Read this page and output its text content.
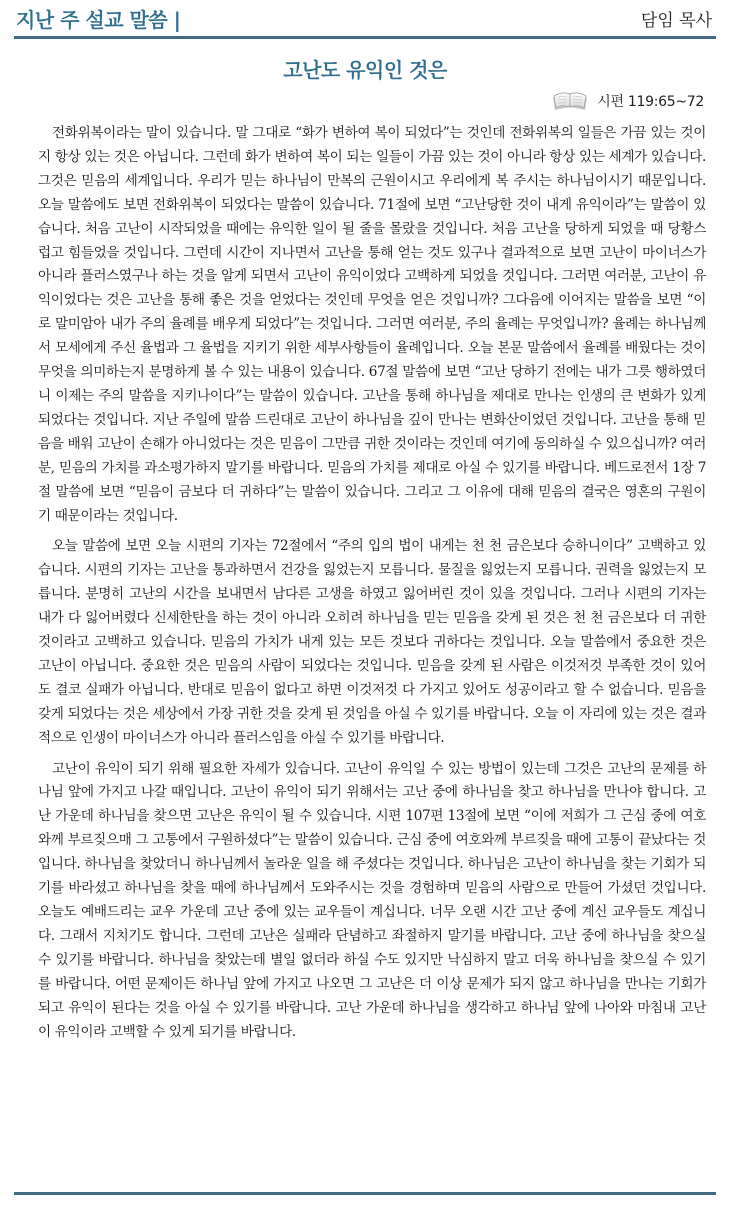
지난 주 설교 말씀 |	담임 목사
고난도 유익인 것은
시편 119:65~72

전화위복이라는 말이 있습니다. 말 그대로 “화가 변하여 복이 되었다”는 것인데 전화위복의 일들은 가끔 있는 것이지 항상 있는 것은 아닙니다. 그런데 화가 변하여 복이 되는 일들이 가끔 있는 것이 아니라 항상 있는 세계가 있습니다. 그것은 믿음의 세계입니다. 우리가 믿는 하나님이 만복의 근원이시고 우리에게 복 주시는 하나님이시기 때문입니다. 오늘 말씀에도 보면 전화위복이 되었다는 말씀이 있습니다. 71절에 보면 “고난당한 것이 내게 유익이라”는 말씀이 있습니다. 처음 고난이 시작되었을 때에는 유익한 일이 될 줄을 몰랐을 것입니다. 처음 고난을 당하게 되었을 때 당황스럽고 힘들었을 것입니다. 그런데 시간이 지나면서 고난을 통해 얻는 것도 있구나 결과적으로 보면 고난이 마이너스가 아니라 플러스였구나 하는 것을 알게 되면서 고난이 유익이었다 고백하게 되었을 것입니다. 그러면 여러분, 고난이 유익이었다는 것은 고난을 통해 좋은 것을 얻었다는 것인데 무엇을 얻은 것입니까? 그다음에 이어지는 말씀을 보면 “이로 말미암아 내가 주의 율례를 배우게 되었다”는 것입니다. 그러면 여러분, 주의 율례는 무엇입니까? 율례는 하나님께서 모세에게 주신 율법과 그 율법을 지키기 위한 세부사항들이 율례입니다. 오늘 본문 말씀에서 율례를 배웠다는 것이 무엇을 의미하는지 분명하게 볼 수 있는 내용이 있습니다. 67절 말씀에 보면 “고난 당하기 전에는 내가 그릇 행하였더니 이제는 주의 말씀을 지키나이다”는 말씀이 있습니다. 고난을 통해 하나님을 제대로 만나는 인생의 큰 변화가 있게 되었다는 것입니다. 지난 주일에 말씀 드린대로 고난이 하나님을 깊이 만나는 변화산이었던 것입니다. 고난을 통해 믿음을 배워 고난이 손해가 아니었다는 것은 믿음이 그만큼 귀한 것이라는 것인데 여기에 동의하실 수 있으십니까? 여러분, 믿음의 가치를 과소평가하지 말기를 바랍니다. 믿음의 가치를 제대로 아실 수 있기를 바랍니다. 베드로전서 1장 7절 말씀에 보면 “믿음이 금보다 더 귀하다”는 말씀이 있습니다. 그리고 그 이유에 대해 믿음의 결국은 영혼의 구원이기 때문이라는 것입니다.

오늘 말씀에 보면 오늘 시편의 기자는 72절에서 “주의 입의 법이 내게는 천 천 금은보다 승하니이다” 고백하고 있습니다. 시편의 기자는 고난을 통과하면서 건강을 잃었는지 모릅니다. 물질을 잃었는지 모릅니다. 권력을 잃었는지 모릅니다. 분명히 고난의 시간을 보내면서 남다른 고생을 하였고 잃어버린 것이 있을 것입니다. 그러나 시편의 기자는 내가 다 잃어버렸다 신세한탄을 하는 것이 아니라 오히려 하나님을 믿는 믿음을 갖게 된 것은 천 천 금은보다 더 귀한 것이라고 고백하고 있습니다. 믿음의 가치가 내게 있는 모든 것보다 귀하다는 것입니다. 오늘 말씀에서 중요한 것은 고난이 아닙니다. 중요한 것은 믿음의 사람이 되었다는 것입니다. 믿음을 갖게 된 사람은 이것저것 부족한 것이 있어도 결코 실패가 아닙니다. 반대로 믿음이 없다고 하면 이것저것 다 가지고 있어도 성공이라고 할 수 없습니다. 믿음을 갖게 되었다는 것은 세상에서 가장 귀한 것을 갖게 된 것임을 아실 수 있기를 바랍니다. 오늘 이 자리에 있는 것은 결과적으로 인생이 마이너스가 아니라 플러스임을 아실 수 있기를 바랍니다.

고난이 유익이 되기 위해 필요한 자세가 있습니다. 고난이 유익일 수 있는 방법이 있는데 그것은 고난의 문제를 하나님 앞에 가지고 나갈 때입니다. 고난이 유익이 되기 위해서는 고난 중에 하나님을 찾고 하나님을 만나야 합니다. 고난 가운데 하나님을 찾으면 고난은 유익이 될 수 있습니다. 시편 107편 13절에 보면 “이에 저희가 그 근심 중에 여호와께 부르짖으매 그 고통에서 구원하셨다”는 말씀이 있습니다. 근심 중에 여호와께 부르짖을 때에 고통이 끝났다는 것입니다. 하나님을 찾았더니 하나님께서 놀라운 일을 해 주셨다는 것입니다. 하나님은 고난이 하나님을 찾는 기회가 되기를 바라셨고 하나님을 찾을 때에 하나님께서 도와주시는 것을 경험하며 믿음의 사람으로 만들어 가셨던 것입니다. 오늘도 예배드리는 교우 가운데 고난 중에 있는 교우들이 계십니다. 너무 오랜 시간 고난 중에 계신 교우들도 계십니다. 그래서 지치기도 합니다. 그런데 고난은 실패라 단념하고 좌절하지 말기를 바랍니다. 고난 중에 하나님을 찾으실 수 있기를 바랍니다. 하나님을 찾았는데 별일 없더라 하실 수도 있지만 낙심하지 말고 더욱 하나님을 찾으실 수 있기를 바랍니다. 어떤 문제이든 하나님 앞에 가지고 나오면 그 고난은 더 이상 문제가 되지 않고 하나님을 만나는 기회가 되고 유익이 된다는 것을 아실 수 있기를 바랍니다. 고난 가운데 하나님을 생각하고 하나님 앞에 나아와 마침내 고난이 유익이라 고백할 수 있게 되기를 바랍니다.
